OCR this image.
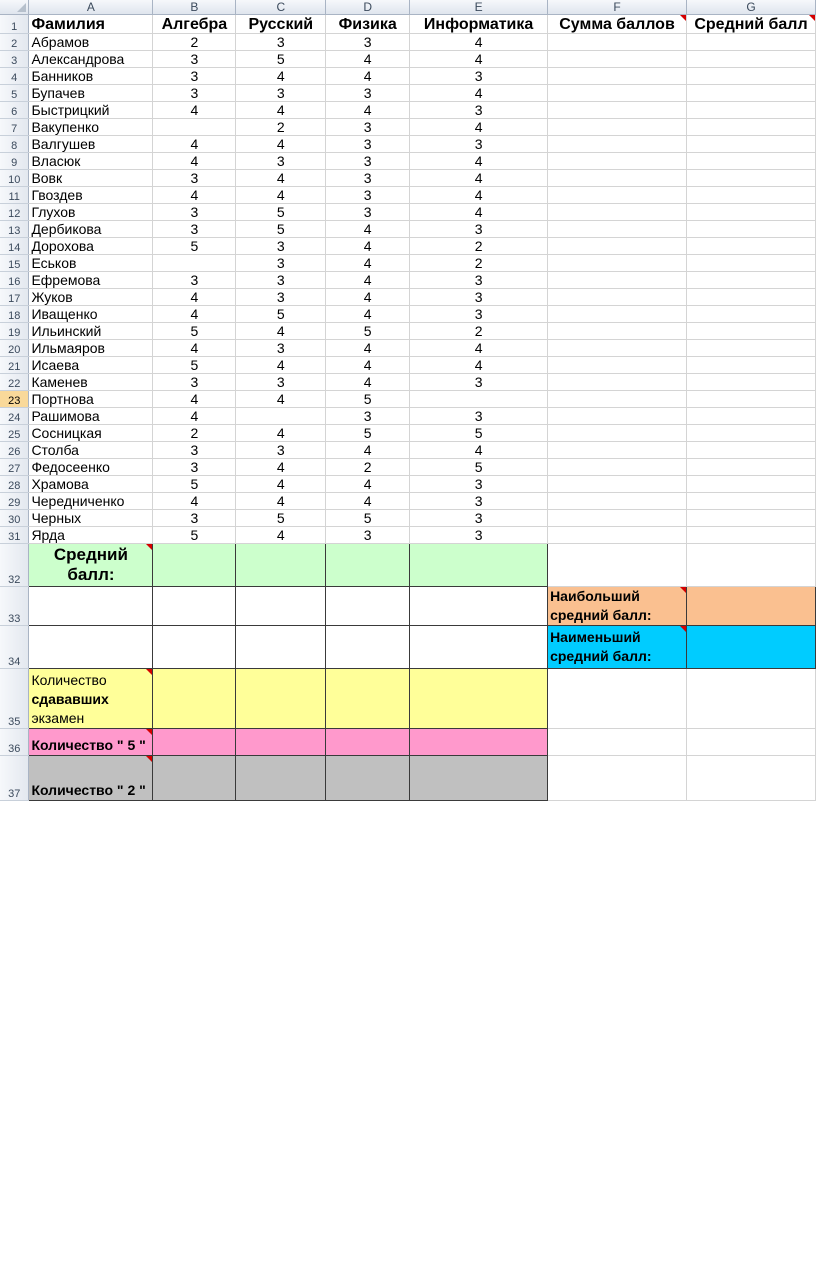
	A	B	C	D	E	F	G
1	Фамилия	Алгебра	Русский	Физика	Информатика	Сумма баллов	Средний балл

2	Абрамов	2	3	3	4		
3	Александрова	3	5	4	4		
4	Банников	3	4	4	3		
5	Бупачев	3	3	3	4		
6	Быстрицкий	4	4	4	3		
7	Вакупенко		2	3	4		
8	Валгушев	4	4	3	3		
9	Власюк	4	3	3	4		
10	Вовк	3	4	3	4		
11	Гвоздев	4	4	3	4		
12	Глухов	3	5	3	4		
13	Дербикова	3	5	4	3		
14	Дорохова	5	3	4	2		
15	Еськов		3	4	2		
16	Ефремова	3	3	4	3		
17	Жуков	4	3	4	3		
18	Иващенко	4	5	4	3		
19	Ильинский	5	4	5	2		
20	Ильмаяров	4	3	4	4		
21	Исаева	5	4	4	4		
22	Каменев	3	3	4	3		
23	Портнова	4	4	5			
24	Рашимова	4		3	3		
25	Сосницкая	2	4	5	5		
26	Столба	3	3	4	4		
27	Федосеенко	3	4	2	5		
28	Храмова	5	4	4	3		
29	Чередниченко	4	4	4	3		
30	Черных	3	5	5	3		
31	Ярда	5	4	3	3		
32	Средний балл:

33						Наибольший средний балл:

34						Наименьший средний балл:

35	Количество
сдававших
экзамен

36	Количество " 5 "

37	Количество " 2 "
